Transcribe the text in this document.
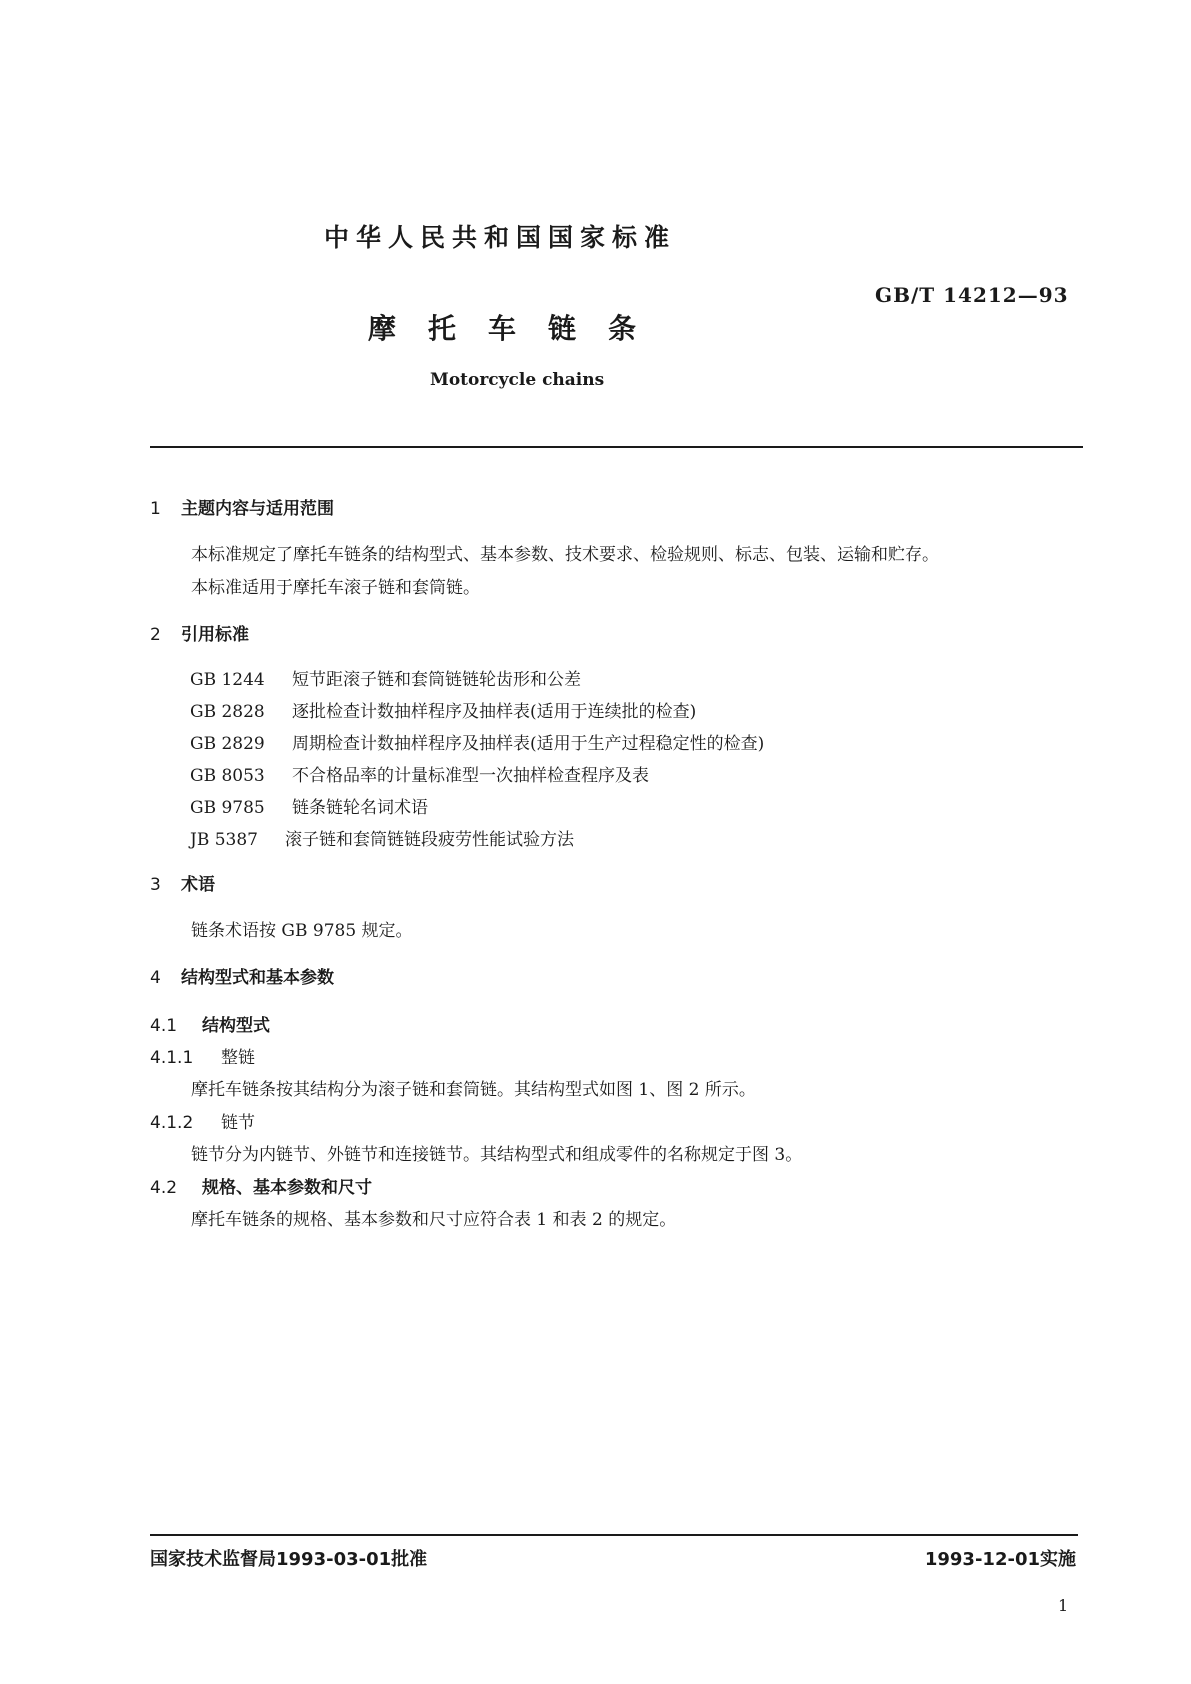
中华人民共和国国家标准
GB/T 14212—93
摩托车链条
Motorcycle chains
1 主题内容与适用范围
本标准规定了摩托车链条的结构型式、基本参数、技术要求、检验规则、标志、包装、运输和贮存。
本标准适用于摩托车滚子链和套筒链。
2 引用标准
GB 1244 短节距滚子链和套筒链链轮齿形和公差
GB 2828 逐批检查计数抽样程序及抽样表(适用于连续批的检查)
GB 2829 周期检查计数抽样程序及抽样表(适用于生产过程稳定性的检查)
GB 8053 不合格品率的计量标准型一次抽样检查程序及表
GB 9785 链条链轮名词术语
JB 5387 滚子链和套筒链链段疲劳性能试验方法
3 术语
链条术语按 GB 9785 规定。
4 结构型式和基本参数
4.1 结构型式
4.1.1 整链
摩托车链条按其结构分为滚子链和套筒链。其结构型式如图 1、图 2 所示。
4.1.2 链节
链节分为内链节、外链节和连接链节。其结构型式和组成零件的名称规定于图 3。
4.2 规格、基本参数和尺寸
摩托车链条的规格、基本参数和尺寸应符合表 1 和表 2 的规定。
国家技术监督局1993-03-01批准	1993-12-01实施
1
